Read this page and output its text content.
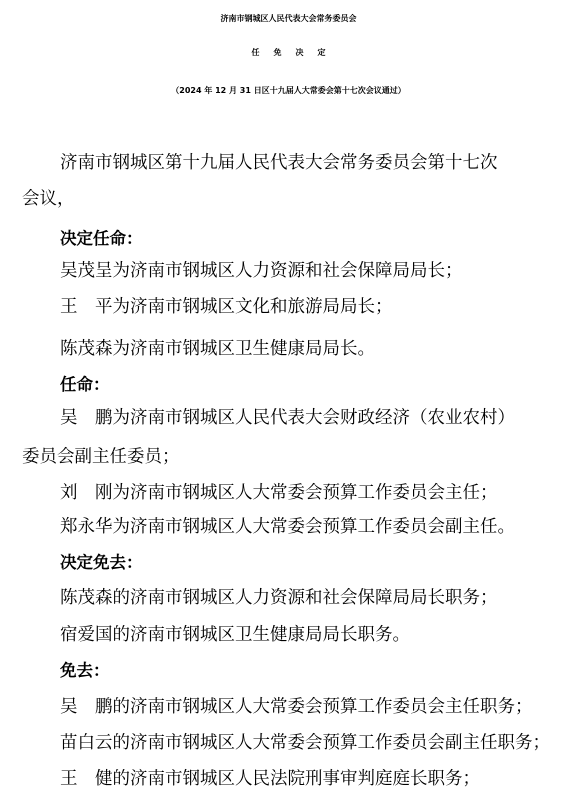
济南市钢城区人民代表大会常务委员会
任免决定
（2024 年 12 月 31 日区十九届人大常委会第十七次会议通过）
济南市钢城区第十九届人民代表大会常务委员会第十七次
会议，
决定任命：
吴茂呈为济南市钢城区人力资源和社会保障局局长；
王　平为济南市钢城区文化和旅游局局长；
陈茂森为济南市钢城区卫生健康局局长。
任命：
吴　鹏为济南市钢城区人民代表大会财政经济（农业农村）
委员会副主任委员；
刘　刚为济南市钢城区人大常委会预算工作委员会主任；
郑永华为济南市钢城区人大常委会预算工作委员会副主任。
决定免去：
陈茂森的济南市钢城区人力资源和社会保障局局长职务；
宿爱国的济南市钢城区卫生健康局局长职务。
免去：
吴　鹏的济南市钢城区人大常委会预算工作委员会主任职务；
苗白云的济南市钢城区人大常委会预算工作委员会副主任职务；
王　健的济南市钢城区人民法院刑事审判庭庭长职务；
